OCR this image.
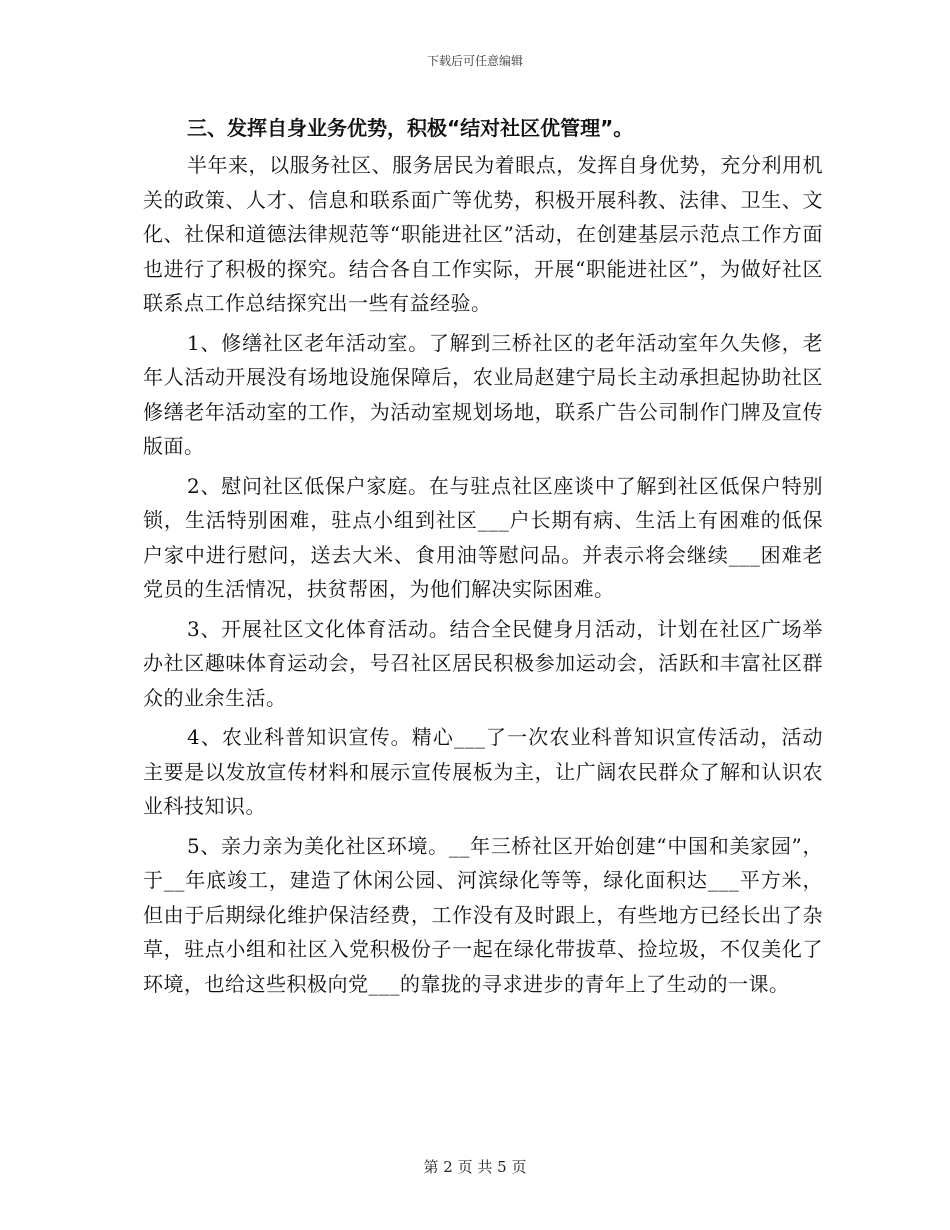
下载后可任意编辑
三、发挥自身业务优势，积极“结对社区优管理”。

半年来，以服务社区、服务居民为着眼点，发挥自身优势，充分利用机关的政策、人才、信息和联系面广等优势，积极开展科教、法律、卫生、文化、社保和道德法律规范等“职能进社区”活动，在创建基层示范点工作方面也进行了积极的探究。结合各自工作实际，开展“职能进社区”，为做好社区联系点工作总结探究出一些有益经验。

1、修缮社区老年活动室。了解到三桥社区的老年活动室年久失修，老年人活动开展没有场地设施保障后，农业局赵建宁局长主动承担起协助社区修缮老年活动室的工作，为活动室规划场地，联系广告公司制作门牌及宣传版面。

2、慰问社区低保户家庭。在与驻点社区座谈中了解到社区低保户特别锁，生活特别困难，驻点小组到社区___户长期有病、生活上有困难的低保户家中进行慰问，送去大米、食用油等慰问品。并表示将会继续___困难老党员的生活情况，扶贫帮困，为他们解决实际困难。

3、开展社区文化体育活动。结合全民健身月活动，计划在社区广场举办社区趣味体育运动会，号召社区居民积极参加运动会，活跃和丰富社区群众的业余生活。

4、农业科普知识宣传。精心___了一次农业科普知识宣传活动，活动主要是以发放宣传材料和展示宣传展板为主，让广阔农民群众了解和认识农业科技知识。

5、亲力亲为美化社区环境。__年三桥社区开始创建“中国和美家园”，于__年底竣工，建造了休闲公园、河滨绿化等等，绿化面积达___平方米，但由于后期绿化维护保洁经费，工作没有及时跟上，有些地方已经长出了杂草，驻点小组和社区入党积极份子一起在绿化带拔草、捡垃圾，不仅美化了环境，也给这些积极向党___的靠拢的寻求进步的青年上了生动的一课。

第 2 页 共 5 页
